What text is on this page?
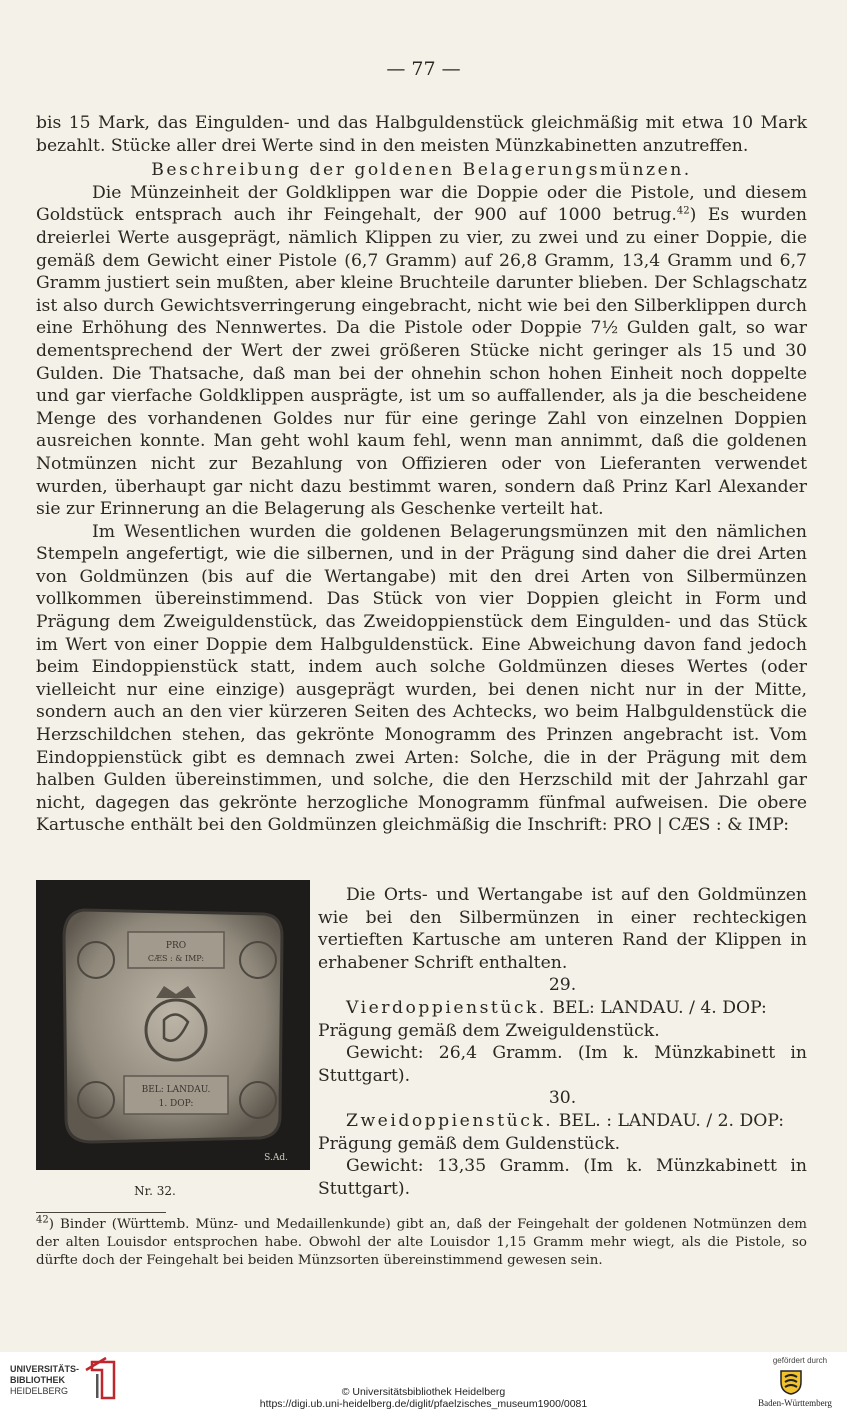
— 77 —

bis 15 Mark, das Eingulden- und das Halbguldenstück gleichmäßig mit etwa 10 Mark bezahlt. Stücke aller drei Werte sind in den meisten Münzkabinetten anzutreffen.

Beschreibung der goldenen Belagerungsmünzen.

Die Münzeinheit der Goldklippen war die Doppie oder die Pistole, und diesem Goldstück entsprach auch ihr Feingehalt, der 900 auf 1000 betrug.$^{42}$) Es wurden dreierlei Werte ausgeprägt, nämlich Klippen zu vier, zu zwei und zu einer Doppie, die gemäß dem Gewicht einer Pistole (6,7 Gramm) auf 26,8 Gramm, 13,4 Gramm und 6,7 Gramm justiert sein mußten, aber kleine Bruchteile darunter blieben. Der Schlagschatz ist also durch Gewichtsverringerung eingebracht, nicht wie bei den Silberklippen durch eine Erhöhung des Nennwertes. Da die Pistole oder Doppie 7½ Gulden galt, so war dementsprechend der Wert der zwei größeren Stücke nicht geringer als 15 und 30 Gulden. Die Thatsache, daß man bei der ohnehin schon hohen Einheit noch doppelte und gar vierfache Goldklippen ausprägte, ist um so auffallender, als ja die bescheidene Menge des vorhandenen Goldes nur für eine geringe Zahl von einzelnen Doppien ausreichen konnte. Man geht wohl kaum fehl, wenn man annimmt, daß die goldenen Notmünzen nicht zur Bezahlung von Offizieren oder von Lieferanten verwendet wurden, überhaupt gar nicht dazu bestimmt waren, sondern daß Prinz Karl Alexander sie zur Erinnerung an die Belagerung als Geschenke verteilt hat.

Im Wesentlichen wurden die goldenen Belagerungsmünzen mit den nämlichen Stempeln angefertigt, wie die silbernen, und in der Prägung sind daher die drei Arten von Goldmünzen (bis auf die Wertangabe) mit den drei Arten von Silbermünzen vollkommen übereinstimmend. Das Stück von vier Doppien gleicht in Form und Prägung dem Zweiguldenstück, das Zweidoppienstück dem Eingulden- und das Stück im Wert von einer Doppie dem Halbguldenstück. Eine Abweichung davon fand jedoch beim Eindoppienstück statt, indem auch solche Goldmünzen dieses Wertes (oder vielleicht nur eine einzige) ausgeprägt wurden, bei denen nicht nur in der Mitte, sondern auch an den vier kürzeren Seiten des Achtecks, wo beim Halbguldenstück die Herzschildchen stehen, das gekrönte Monogramm des Prinzen angebracht ist. Vom Eindoppienstück gibt es demnach zwei Arten: Solche, die in der Prägung mit dem halben Gulden übereinstimmen, und solche, die den Herzschild mit der Jahrzahl gar nicht, dagegen das gekrönte herzogliche Monogramm fünfmal aufweisen. Die obere Kartusche enthält bei den Goldmünzen gleichmäßig die Inschrift: PRO | CÆS : & IMP:

PRO
CÆS : & IMP:
BEL: LANDAU.
1. DOP:
S.Ad.
Nr. 32.

Die Orts- und Wertangabe ist auf den Goldmünzen wie bei den Silbermünzen in einer rechteckigen vertieften Kartusche am unteren Rand der Klippen in erhabener Schrift enthalten.

29.

Vierdoppienstück. BEL: LANDAU. / 4. DOP:

Prägung gemäß dem Zweiguldenstück.

Gewicht: 26,4 Gramm. (Im k. Münzkabinett in Stuttgart).

30.

Zweidoppienstück. BEL. : LANDAU. / 2. DOP:

Prägung gemäß dem Guldenstück.

Gewicht: 13,35 Gramm. (Im k. Münzkabinett in Stuttgart).

$^{42}$) Binder (Württemb. Münz- und Medaillenkunde) gibt an, daß der Feingehalt der goldenen Notmünzen dem der alten Louisdor entsprochen habe. Obwohl der alte Louisdor 1,15 Gramm mehr wiegt, als die Pistole, so dürfte doch der Feingehalt bei beiden Münzsorten übereinstimmend gewesen sein.
UNIVERSITÄTS-
BIBLIOTHEK
HEIDELBERG	© Universitätsbibliothek Heidelberg
https://digi.ub.uni-heidelberg.de/diglit/pfaelzisches_museum1900/0081
gefördert durch
Baden-Württemberg
